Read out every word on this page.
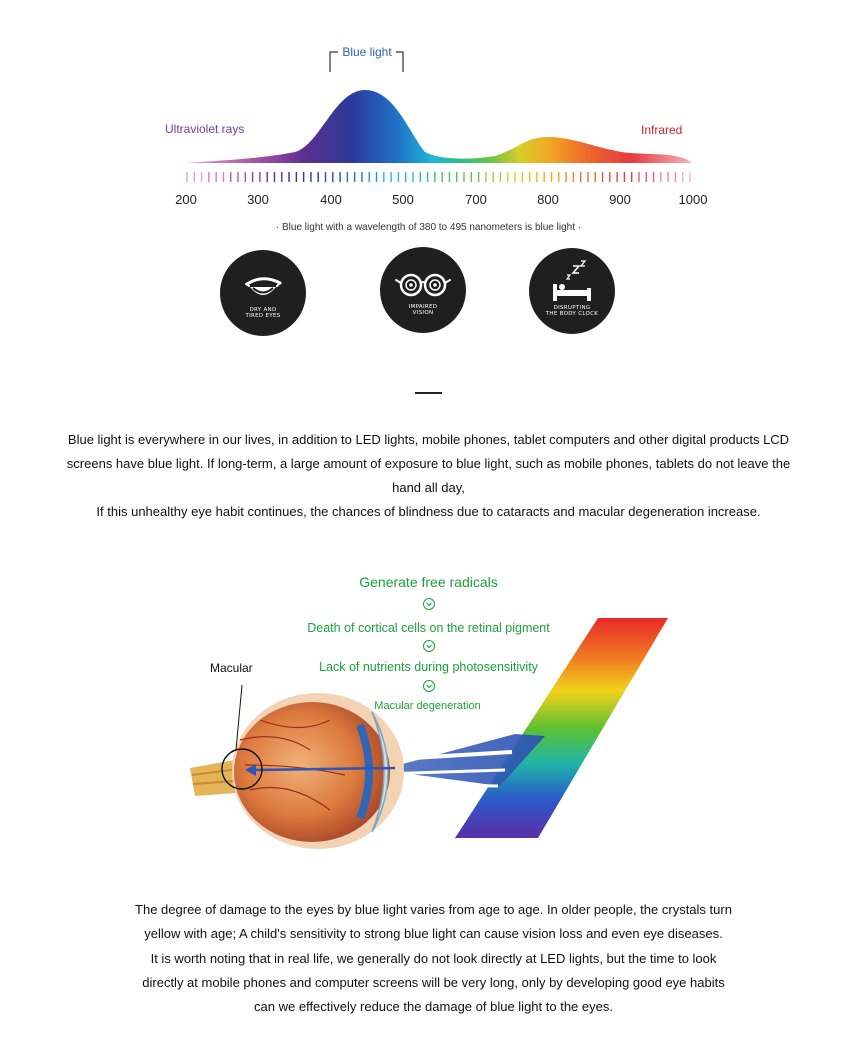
Blue light
Ultraviolet rays	Infrared
200	300	400	500	700	800	900	1000
· Blue light with a wavelength of 380 to 495 nanometers is blue light ·
DRY AND
TIRED EYES
IMPAIRED
VISION
DISRUPTING
THE BODY CLOCK
Blue light is everywhere in our lives, in addition to LED lights, mobile phones, tablet computers and other digital products LCD
screens have blue light. If long-term, a large amount of exposure to blue light, such as mobile phones, tablets do not leave the
hand all day,
If this unhealthy eye habit continues, the chances of blindness due to cataracts and macular degeneration increase.
Macular
Generate free radicals
Death of cortical cells on the retinal pigment
Lack of nutrients during photosensitivity
Macular degeneration
The degree of damage to the eyes by blue light varies from age to age. In older people, the crystals turn
yellow with age; A child's sensitivity to strong blue light can cause vision loss and even eye diseases.
It is worth noting that in real life, we generally do not look directly at LED lights, but the time to look
directly at mobile phones and computer screens will be very long, only by developing good eye habits
can we effectively reduce the damage of blue light to the eyes.
